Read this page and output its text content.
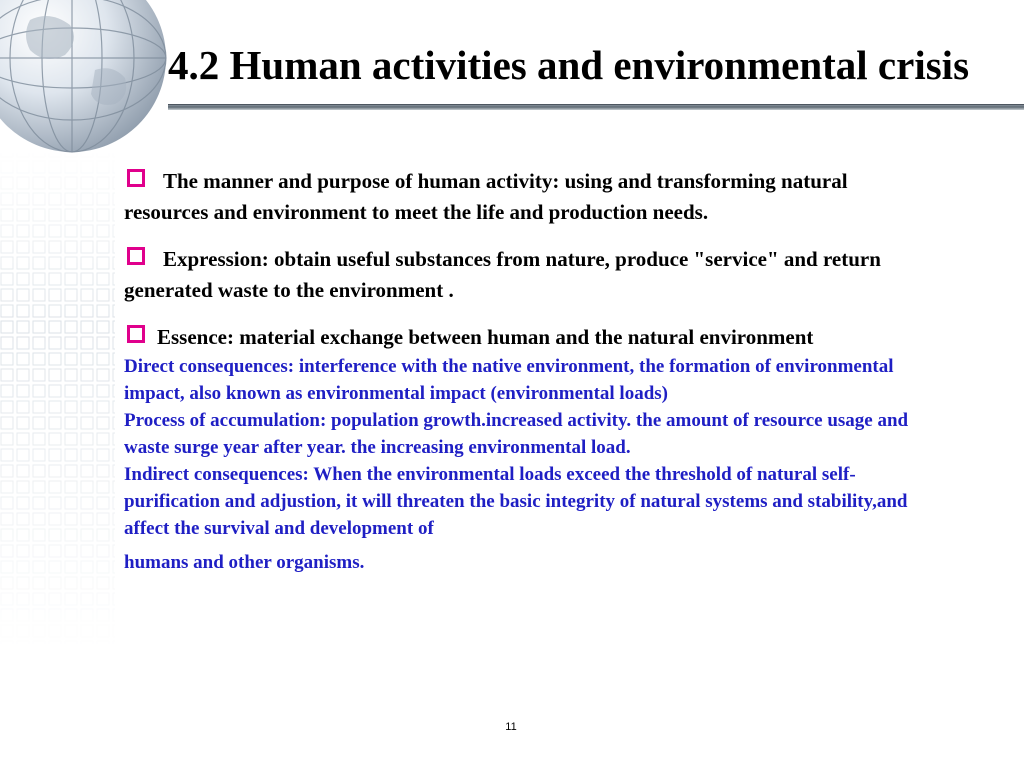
4.2 Human activities and environmental crisis

The manner and purpose of human activity: using and transforming natural resources and environment to meet the life and production needs.

Expression: obtain useful substances from nature, produce "service" and return generated waste to the environment .

Essence: material exchange between human and the natural environment

Direct consequences: interference with the native environment, the formation of environmental impact, also known as environmental impact (environmental loads)

Process of accumulation: population growth.increased activity. the amount of resource usage and waste surge year after year. the increasing environmental load.

Indirect consequences: When the environmental loads exceed the threshold of natural self-purification and adjustion, it will threaten the basic integrity of natural systems and stability,and affect the survival and development of
humans and other organisms.

11
